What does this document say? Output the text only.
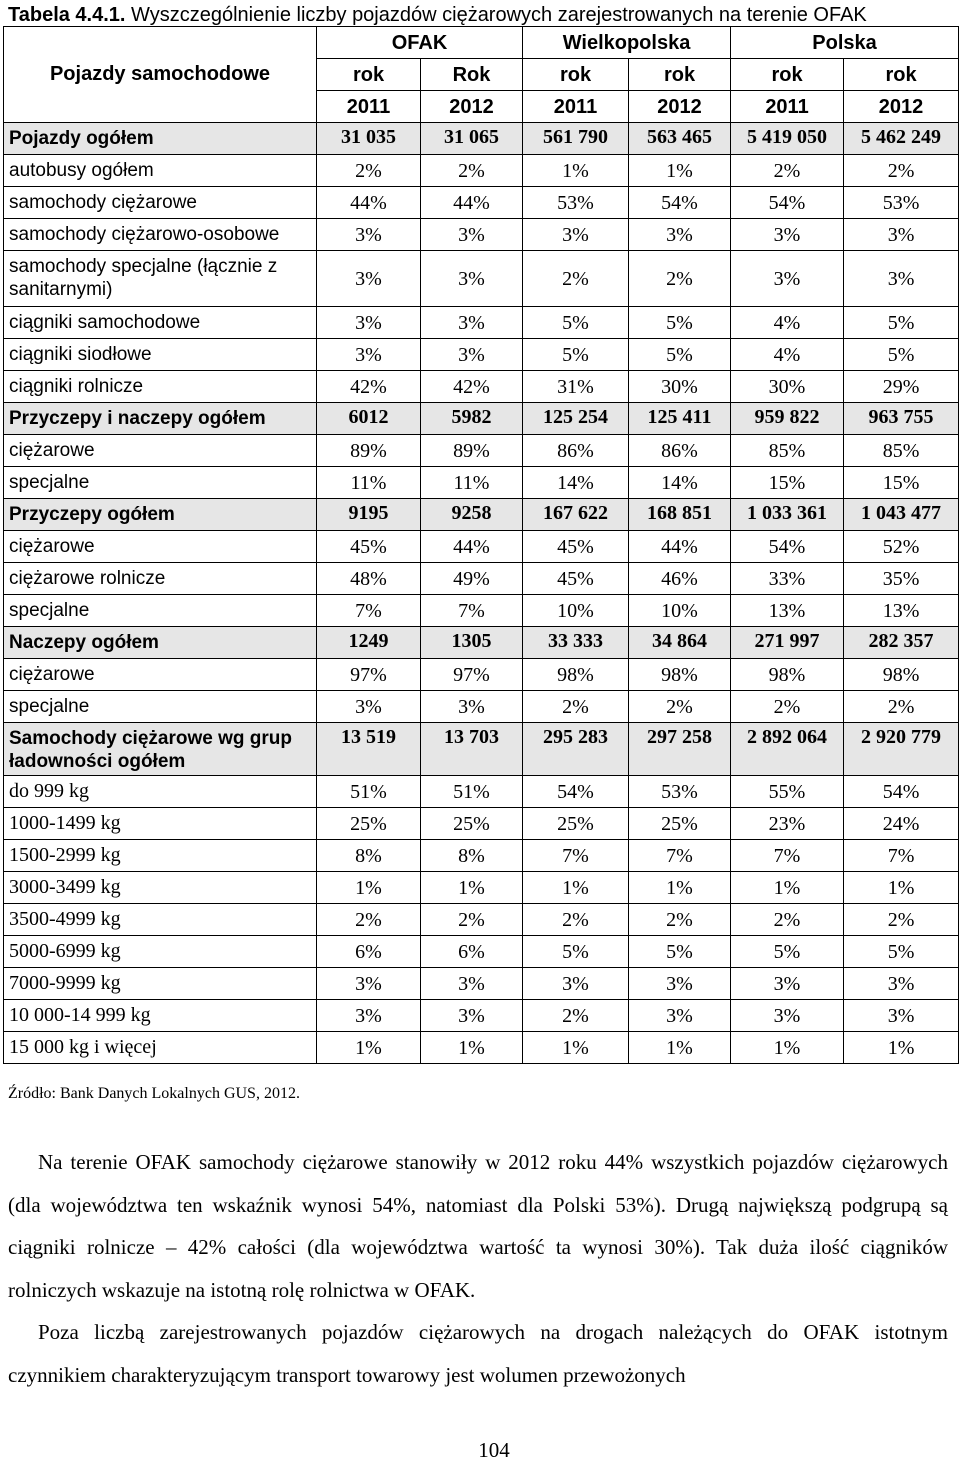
Tabela 4.4.1. Wyszczególnienie liczby pojazdów ciężarowych zarejestrowanych na terenie OFAK
Pojazdy samochodowe	OFAK		Wielkopolska		Polska	
	rok	Rok	rok	rok	rok	rok
	2011	2012	2011	2012	2011	2012
Pojazdy ogółem	31 035	31 065	561 790	563 465	5 419 050	5 462 249
autobusy ogółem	2%	2%	1%	1%	2%	2%
samochody ciężarowe	44%	44%	53%	54%	54%	53%
samochody ciężarowo-osobowe	3%	3%	3%	3%	3%	3%
samochody specjalne (łącznie z sanitarnymi)	3%	3%	2%	2%	3%	3%
ciągniki samochodowe	3%	3%	5%	5%	4%	5%
ciągniki siodłowe	3%	3%	5%	5%	4%	5%
ciągniki rolnicze	42%	42%	31%	30%	30%	29%
Przyczepy i naczepy ogółem	6012	5982	125 254	125 411	959 822	963 755
ciężarowe	89%	89%	86%	86%	85%	85%
specjalne	11%	11%	14%	14%	15%	15%
Przyczepy ogółem	9195	9258	167 622	168 851	1 033 361	1 043 477
ciężarowe	45%	44%	45%	44%	54%	52%
ciężarowe rolnicze	48%	49%	45%	46%	33%	35%
specjalne	7%	7%	10%	10%	13%	13%
Naczepy ogółem	1249	1305	33 333	34 864	271 997	282 357
ciężarowe	97%	97%	98%	98%	98%	98%
specjalne	3%	3%	2%	2%	2%	2%
Samochody ciężarowe wg grup ładowności ogółem	13 519	13 703	295 283	297 258	2 892 064	2 920 779
do 999 kg	51%	51%	54%	53%	55%	54%
1000-1499 kg	25%	25%	25%	25%	23%	24%
1500-2999 kg	8%	8%	7%	7%	7%	7%
3000-3499 kg	1%	1%	1%	1%	1%	1%
3500-4999 kg	2%	2%	2%	2%	2%	2%
5000-6999 kg	6%	6%	5%	5%	5%	5%
7000-9999 kg	3%	3%	3%	3%	3%	3%
10 000-14 999 kg	3%	3%	2%	3%	3%	3%
15 000 kg i więcej	1%	1%	1%	1%	1%	1%
Źródło: Bank Danych Lokalnych GUS, 2012.

Na terenie OFAK samochody ciężarowe stanowiły w 2012 roku 44% wszystkich pojazdów ciężarowych (dla województwa ten wskaźnik wynosi 54%, natomiast dla Polski 53%). Drugą największą podgrupą są ciągniki rolnicze – 42% całości (dla województwa wartość ta wynosi 30%). Tak duża ilość ciągników rolniczych wskazuje na istotną rolę rolnictwa w OFAK.

Poza liczbą zarejestrowanych pojazdów ciężarowych na drogach należących do OFAK istotnym czynnikiem charakteryzującym transport towarowy jest wolumen przewożonych

104
